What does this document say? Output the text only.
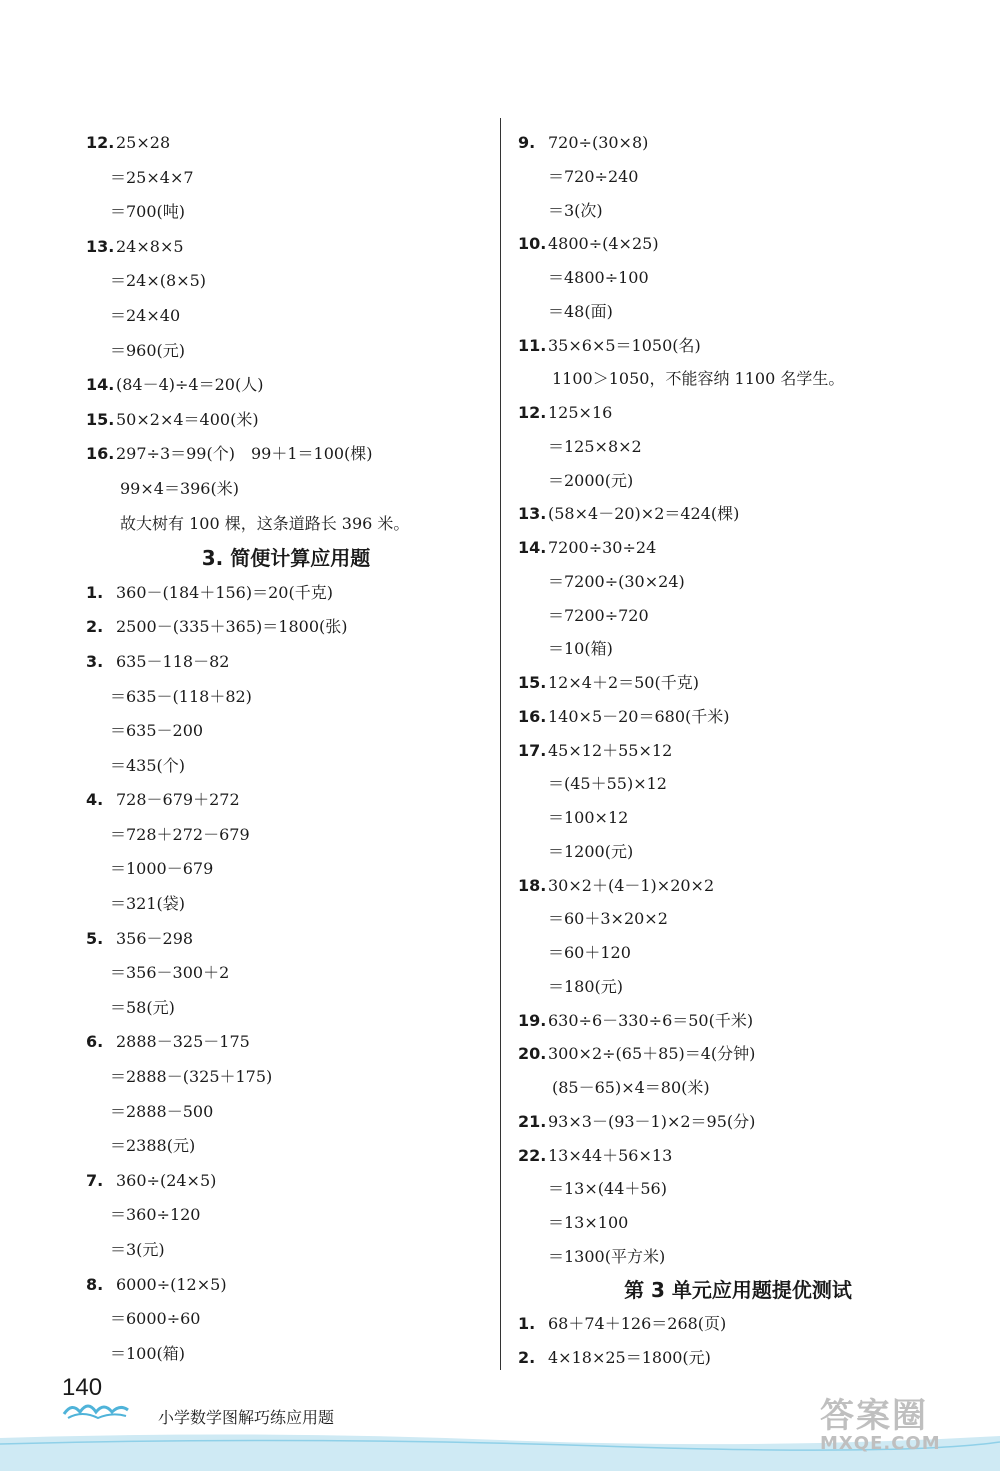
12. 25×28
＝25×4×7
＝700(吨)
13. 24×8×5
＝24×(8×5)
＝24×40
＝960(元)
14. (84－4)÷4＝20(人)
15. 50×2×4＝400(米)
16. 297÷3＝99(个)　99＋1＝100(棵)
99×4＝396(米)
故大树有 100 棵，这条道路长 396 米。
3. 简便计算应用题
1. 360－(184＋156)＝20(千克)
2. 2500－(335＋365)＝1800(张)
3. 635－118－82
＝635－(118＋82)
＝635－200
＝435(个)
4. 728－679＋272
＝728＋272－679
＝1000－679
＝321(袋)
5. 356－298
＝356－300＋2
＝58(元)
6. 2888－325－175
＝2888－(325＋175)
＝2888－500
＝2388(元)
7. 360÷(24×5)
＝360÷120
＝3(元)
8. 6000÷(12×5)
＝6000÷60
＝100(箱)
9. 720÷(30×8)
＝720÷240
＝3(次)
10. 4800÷(4×25)
＝4800÷100
＝48(面)
11. 35×6×5＝1050(名)
1100＞1050，不能容纳 1100 名学生。
12. 125×16
＝125×8×2
＝2000(元)
13. (58×4－20)×2＝424(棵)
14. 7200÷30÷24
＝7200÷(30×24)
＝7200÷720
＝10(箱)
15. 12×4＋2＝50(千克)
16. 140×5－20＝680(千米)
17. 45×12＋55×12
＝(45＋55)×12
＝100×12
＝1200(元)
18. 30×2＋(4－1)×20×2
＝60＋3×20×2
＝60＋120
＝180(元)
19. 630÷6－330÷6＝50(千米)
20. 300×2÷(65＋85)＝4(分钟)
(85－65)×4＝80(米)
21. 93×3－(93－1)×2＝95(分)
22. 13×44＋56×13
＝13×(44＋56)
＝13×100
＝1300(平方米)
第 3 单元应用题提优测试
1. 68＋74＋126＝268(页)
2. 4×18×25＝1800(元)
140
小学数学图解巧练应用题	答案圈
MXQE.COM
